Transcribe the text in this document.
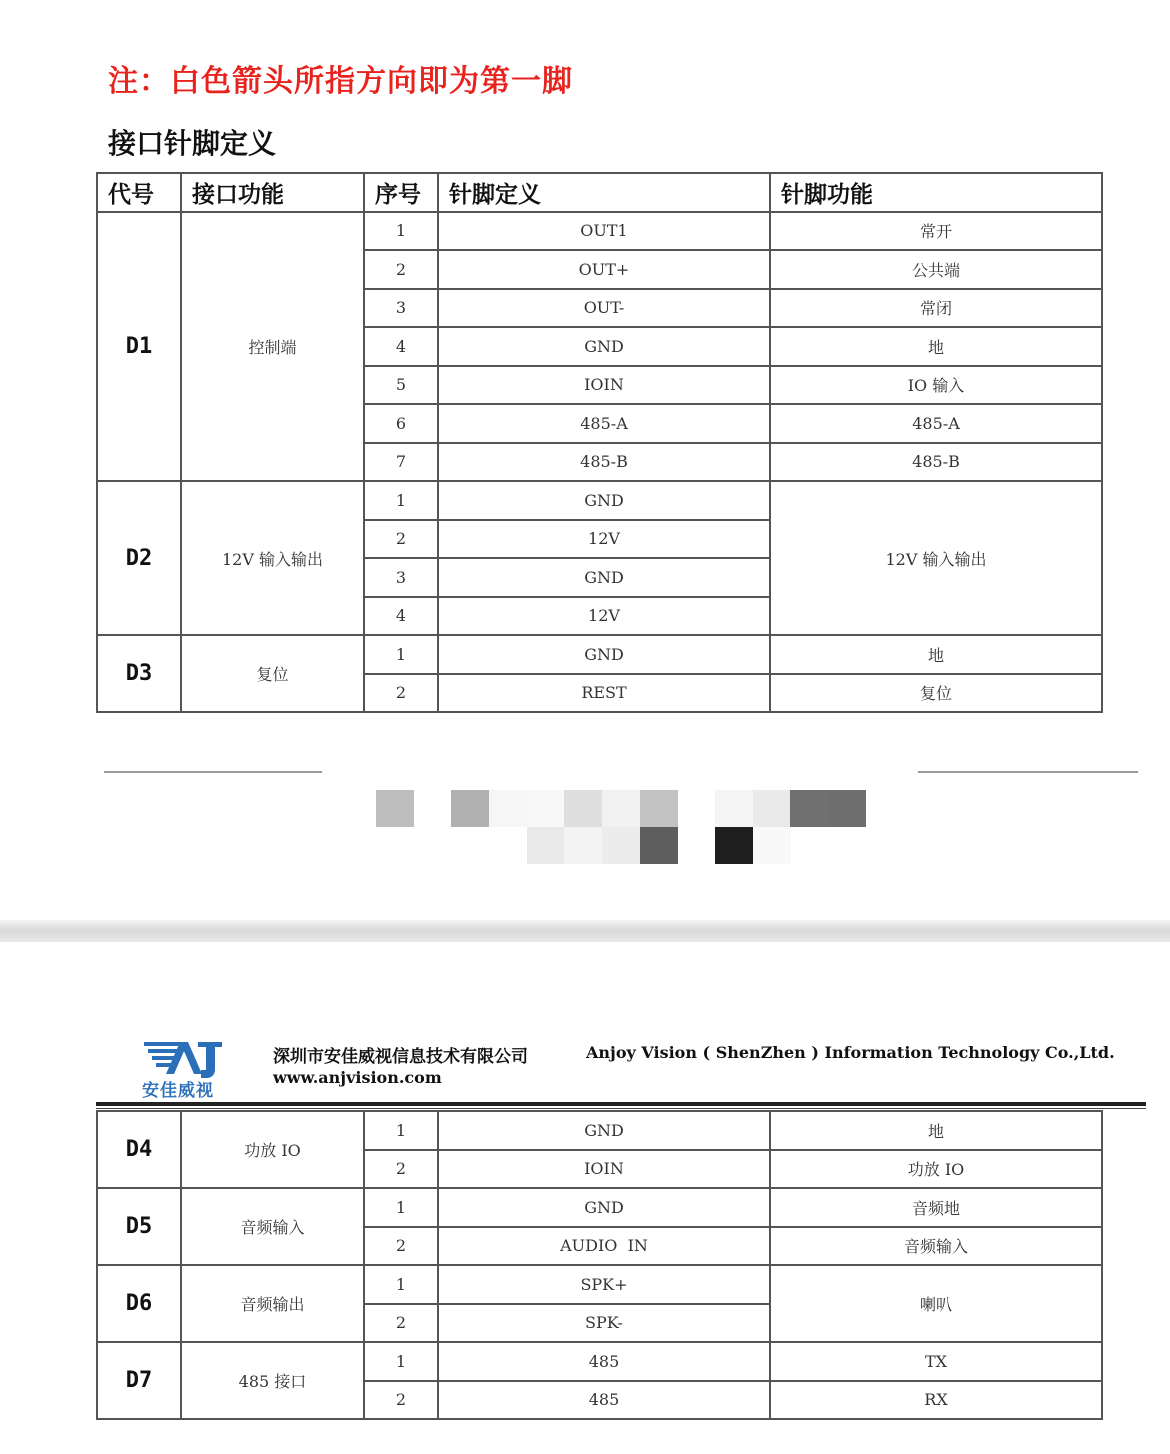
注：白色箭头所指方向即为第一脚
接口针脚定义
代号	接口功能	序号	针脚定义	针脚功能
D1	控制端	1	OUT1	常开
		2	OUT+	公共端
		3	OUT-	常闭
		4	GND	地
		5	IOIN	IO 输入
		6	485-A	485-A
		7	485-B	485-B
D2	12V 输入输出	1	GND	12V 输入输出
		2	12V	
		3	GND	
		4	12V	
D3	复位	1	GND	地
		2	REST	复位
安佳威视
深圳市安佳威视信息技术有限公司
www.anjvision.com
Anjoy Vision ( ShenZhen ) Information Technology Co.,Ltd.
D4	功放 IO	1	GND	地
		2	IOIN	功放 IO
D5	音频输入	1	GND	音频地
		2	AUDIO  IN	音频输入
D6	音频输出	1	SPK+	喇叭
		2	SPK-	
D7	485 接口	1	485	TX
		2	485	RX
